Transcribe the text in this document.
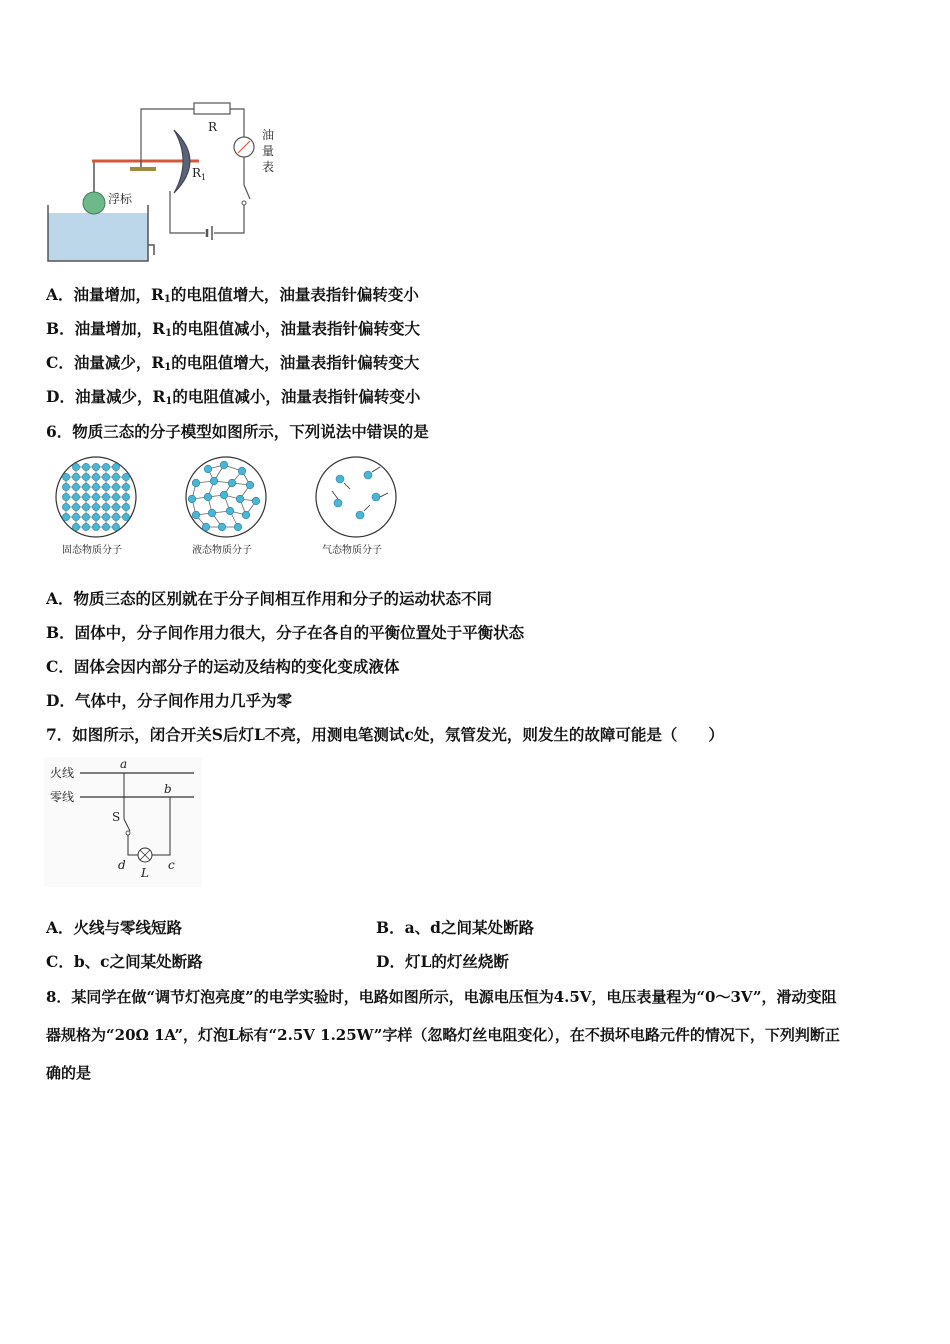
R
$R_1$
浮标
油
量
表
A．油量增加，$R_1$的电阻值增大，油量表指针偏转变小
B．油量增加，$R_1$的电阻值减小，油量表指针偏转变大
C．油量减少，$R_1$的电阻值增大，油量表指针偏转变大
D．油量减少，$R_1$的电阻值减小，油量表指针偏转变小
6．物质三态的分子模型如图所示，下列说法中错误的是
固态物质分子	液态物质分子	气态物质分子
A．物质三态的区别就在于分子间相互作用和分子的运动状态不同
B．固体中，分子间作用力很大，分子在各自的平衡位置处于平衡状态
C．固体会因内部分子的运动及结构的变化变成液体
D．气体中，分子间作用力几乎为零
7．如图所示，闭合开关S后灯L不亮，用测电笔测试c处，氖管发光，则发生的故障可能是（　　）
火线
零线
a
b
c
d
S
L
A．火线与零线短路	B．a、d之间某处断路
C．b、c之间某处断路	D．灯L的灯丝烧断
8．某同学在做“调节灯泡亮度”的电学实验时，电路如图所示，电源电压恒为4.5V，电压表量程为“0～3V”，滑动变阻
器规格为“20Ω 1A”，灯泡L标有“2.5V 1.25W”字样（忽略灯丝电阻变化），在不损坏电路元件的情况下，下列判断正
确的是
